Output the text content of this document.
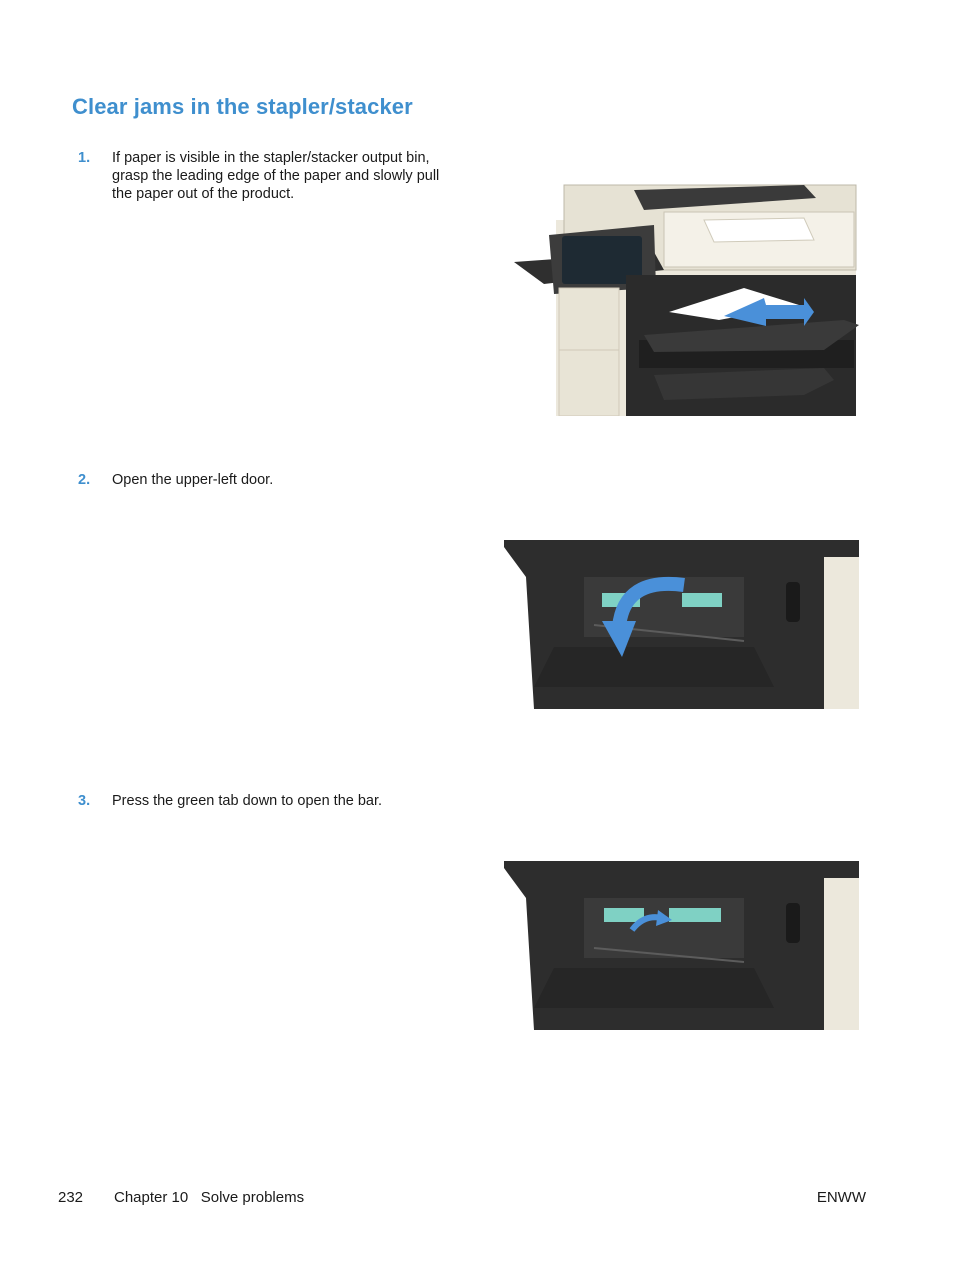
Clear jams in the stapler/stacker
1. If paper is visible in the stapler/stacker output bin, grasp the leading edge of the paper and slowly pull the paper out of the product.
2. Open the upper-left door.
3. Press the green tab down to open the bar.
232 Chapter 10   Solve problems	ENWW
